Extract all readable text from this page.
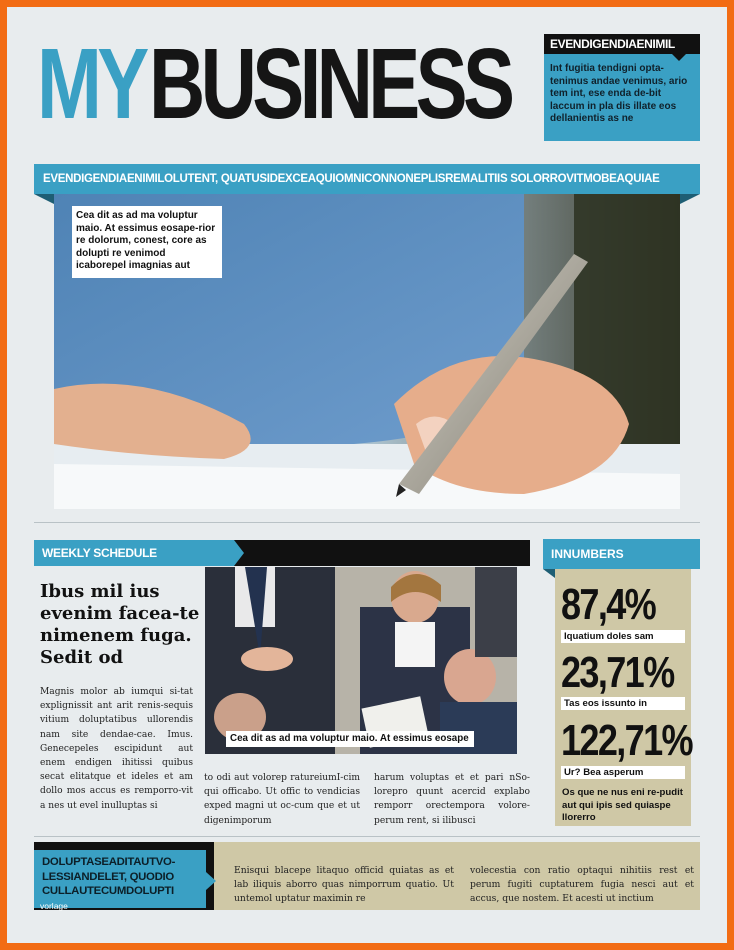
MY BUSINESS	EVENDIGENDIAENIMIL
Int fugitia tendigni opta-tenimus andae venimus, ario tem int, ese enda de-bit laccum in pla dis illate eos dellanientis as ne
EVENDIGENDIAENIMILOLUTENT, QUATUSIDEXCEAQUIOMNICONNONEPLISREMALITIIS SOLORROVITMOBEAQUIAE
Cea dit as ad ma voluptur maio. At essimus eosape-rior re dolorum, conest, core as dolupti re venimod icaborepel imagnias aut
WEEKLY SCHEDULE
Ibus mil ius evenim facea-te nimenem fuga. Sedit od
Magnis molor ab iumqui si-tat explignissit ant arit renis-sequis vitium doluptatibus ullorendis nam site dendae-cae. Imus. Genecepeles escipidunt aut enem endigen ihitissi quibus secat elitatque et ideles et am dollo mos accus es remporro-vit a nes ut evel inulluptas si
Cea dit as ad ma voluptur maio. At essimus eosape
to odi aut volorep ratureiumI-cim qui officabo. Ut offic to vendicias exped magni ut oc-cum que et ut digenimporum
harum voluptas et et pari nSo-lorepro quunt acercid explabo remporr orectempora volore-perum rent, si ilibusci
INNUMBERS
87,4%
Iquatium doles sam
23,71%
Tas eos issunto in
122,71%
Ur? Bea asperum
Os que ne nus eni re-pudit aut qui ipis sed quiaspe llorerro
DOLUPTASEADITAUTVO-LESSIANDELET, QUODIO CULLAUTECUMDOLUPTI
vorlage
Enisqui blacepe litaquo officid quiatas as et lab iliquis aborro quas nimporrum quatio. Ut untemol uptatur maximin re
volecestia con ratio optaqui nihitiis rest et perum fugiti cuptaturem fugia nesci aut et accus, que nostem. Et acesti ut inctium
